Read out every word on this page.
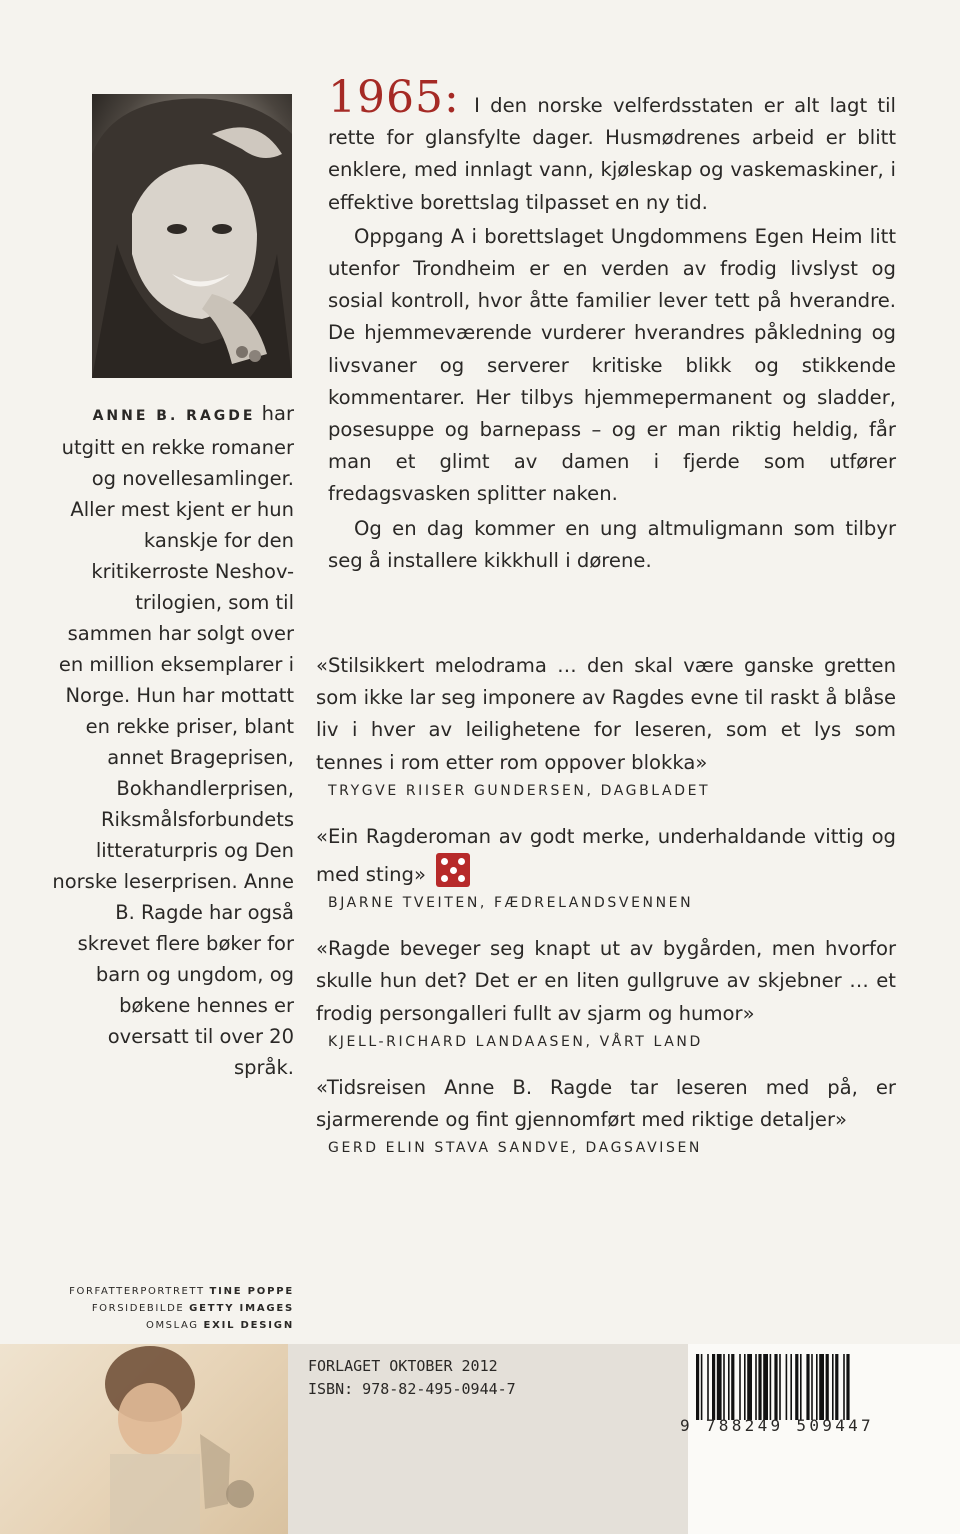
ANNE B. RAGDE har utgitt en rekke romaner og novellesamlinger. Aller mest kjent er hun kanskje for den kritikerroste Neshov-trilogien, som til sammen har solgt over en million eksemplarer i Norge. Hun har mottatt en rekke priser, blant annet Brageprisen, Bokhandlerprisen, Riksmålsforbundets litteraturpris og Den norske leserprisen. Anne B. Ragde har også skrevet flere bøker for barn og ungdom, og bøkene hennes er oversatt til over 20 språk.
FORFATTERPORTRETT TINE POPPE
FORSIDEBILDE GETTY IMAGES
OMSLAG EXIL DESIGN

1965: I den norske velferdsstaten er alt lagt til rette for glansfylte dager. Husmødrenes arbeid er blitt enklere, med innlagt vann, kjøleskap og vaskemaskiner, i effektive borettslag tilpasset en ny tid.

Oppgang A i borettslaget Ungdommens Egen Heim litt utenfor Trondheim er en verden av frodig livslyst og sosial kontroll, hvor åtte familier lever tett på hverandre. De hjemmeværende vurderer hverandres påkledning og livsvaner og serverer kritiske blikk og stikkende kommentarer. Her tilbys hjemmepermanent og sladder, posesuppe og barnepass – og er man riktig heldig, får man et glimt av damen i fjerde som utfører fredagsvasken splitter naken.

Og en dag kommer en ung altmuligmann som tilbyr seg å installere kikkhull i dørene.

«Stilsikkert melodrama … den skal være ganske gretten som ikke lar seg imponere av Ragdes evne til raskt å blåse liv i hver av leilighetene for leseren, som et lys som tennes i rom etter rom oppover blokka»
TRYGVE RIISER GUNDERSEN, DAGBLADET
«Ein Ragderoman av godt merke, underhaldande vittig og med sting»
BJARNE TVEITEN, FÆDRELANDSVENNEN
«Ragde beveger seg knapt ut av bygården, men hvorfor skulle hun det? Det er en liten gullgruve av skjebner … et frodig persongalleri fullt av sjarm og humor»
KJELL-RICHARD LANDAASEN, VÅRT LAND
«Tidsreisen Anne B. Ragde tar leseren med på, er sjarmerende og fint gjennomført med riktige detaljer»
GERD ELIN STAVA SANDVE, DAGSAVISEN
FORLAGET OKTOBER 2012
ISBN: 978-82-495-0944-7
9 788249 509447
